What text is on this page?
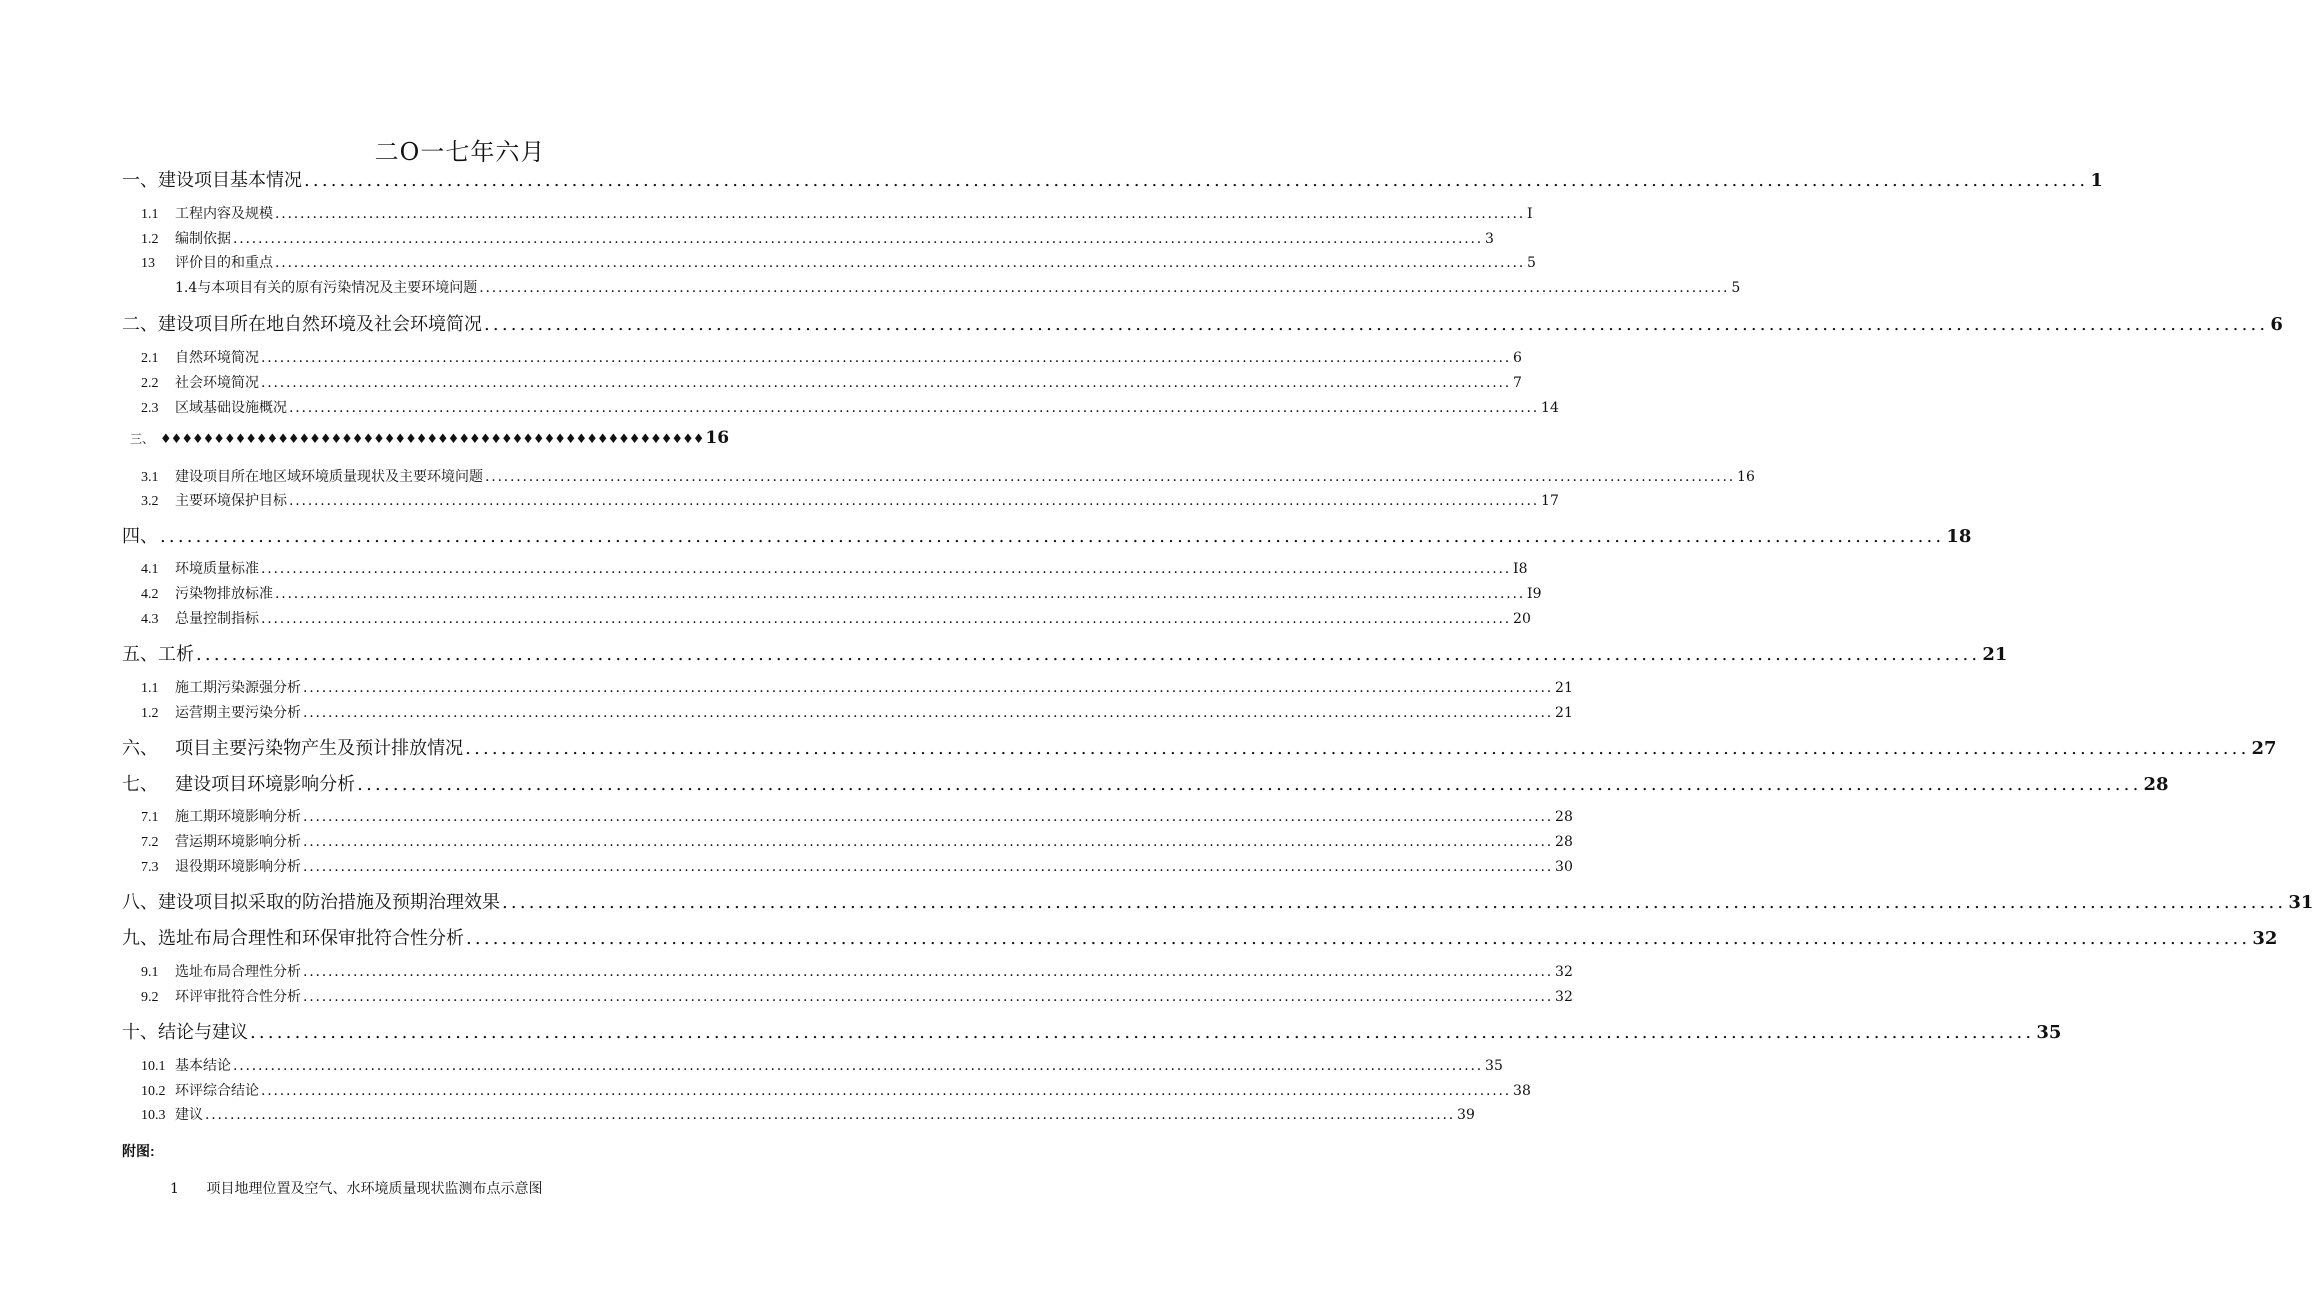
二O一七年六月
一、建设项目基本情况 ........................................................................................................................................................................................................ 1
1.1 工程内容及规模 ........................................................................................................................................................................................................ I
1.2 编制依据 ........................................................................................................................................................................................................ 3
13 评价目的和重点 ........................................................................................................................................................................................................ 5
1.4与本项目有关的原有污染情况及主要环境问题 ........................................................................................................................................................................................................ 5
二、建设项目所在地自然环境及社会环境简况 ........................................................................................................................................................................................................ 6
2.1 自然环境简况 ........................................................................................................................................................................................................ 6
2.2 社会环境简况 ........................................................................................................................................................................................................ 7
2.3 区域基础设施概况 ........................................................................................................................................................................................................ 14
3.1 建设项目所在地区域环境质量现状及主要环境问题 ........................................................................................................................................................................................................ 16
3.2 主要环境保护目标 ........................................................................................................................................................................................................ 17
四、 ........................................................................................................................................................................................................ 18
4.1 环境质量标准 ........................................................................................................................................................................................................ I8
4.2 污染物排放标准 ........................................................................................................................................................................................................ I9
4.3 总量控制指标 ........................................................................................................................................................................................................ 20
五、工析 ........................................................................................................................................................................................................ 21
1.1 施工期污染源强分析 ........................................................................................................................................................................................................ 21
1.2 运营期主要污染分析 ........................................................................................................................................................................................................ 21
六、   项目主要污染物产生及预计排放情况 ........................................................................................................................................................................................................ 27
七、   建设项目环境影响分析 ........................................................................................................................................................................................................ 28
7.1 施工期环境影响分析 ........................................................................................................................................................................................................ 28
7.2 营运期环境影响分析 ........................................................................................................................................................................................................ 28
7.3 退役期环境影响分析 ........................................................................................................................................................................................................ 30
八、建设项目拟采取的防治措施及预期治理效果 ........................................................................................................................................................................................................ 31
九、选址布局合理性和环保审批符合性分析 ........................................................................................................................................................................................................ 32
9.1 选址布局合理性分析 ........................................................................................................................................................................................................ 32
9.2 环评审批符合性分析 ........................................................................................................................................................................................................ 32
十、结论与建议 ........................................................................................................................................................................................................ 35
10.1 基本结论 ........................................................................................................................................................................................................ 35
10.2 环评综合结论 ........................................................................................................................................................................................................ 38
10.3 建议 ........................................................................................................................................................................................................ 39
三、 ♦♦♦♦♦♦♦♦♦♦♦♦♦♦♦♦♦♦♦♦♦♦♦♦♦♦♦♦♦♦♦♦♦♦♦♦♦♦♦♦♦♦♦♦♦♦♦♦♦♦♦ 16
附图:
1 项目地理位置及空气、水环境质量现状监测布点示意图
